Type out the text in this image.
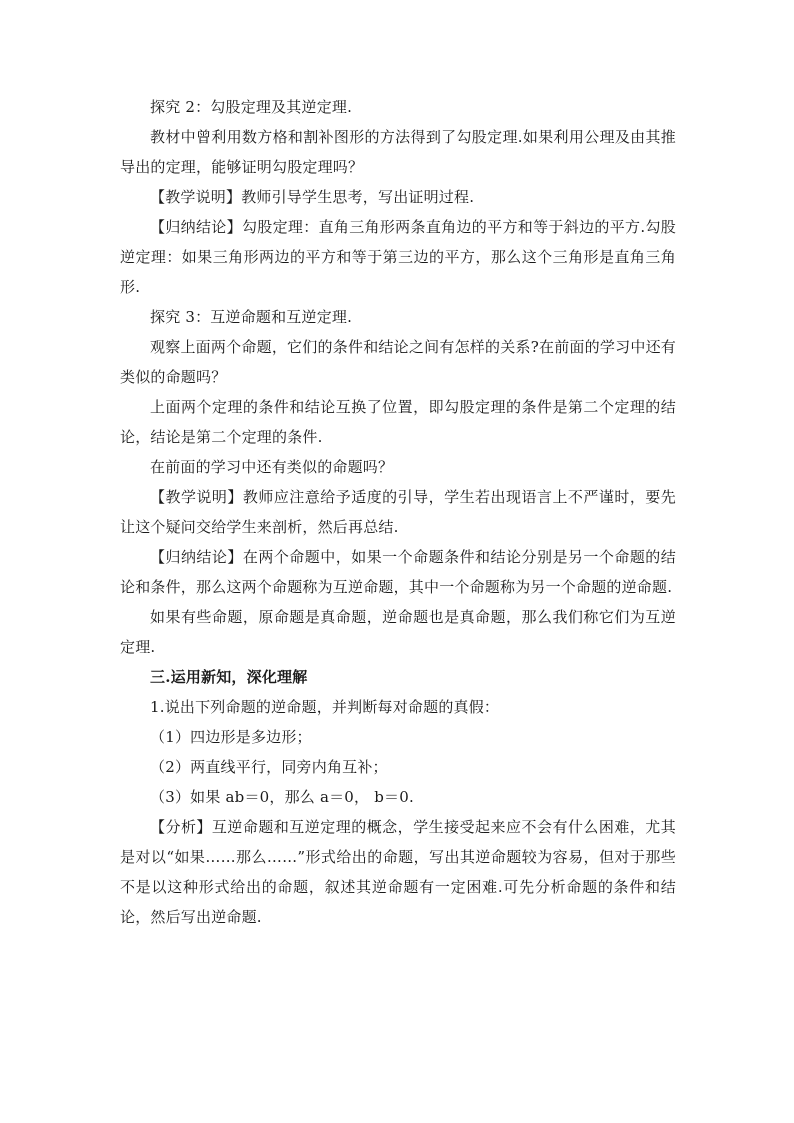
探究 2：勾股定理及其逆定理.

教材中曾利用数方格和割补图形的方法得到了勾股定理.如果利用公理及由其推导出的定理，能够证明勾股定理吗？

【教学说明】教师引导学生思考，写出证明过程.

【归纳结论】勾股定理：直角三角形两条直角边的平方和等于斜边的平方.勾股逆定理：如果三角形两边的平方和等于第三边的平方，那么这个三角形是直角三角形.

探究 3：互逆命题和互逆定理.

观察上面两个命题，它们的条件和结论之间有怎样的关系?在前面的学习中还有类似的命题吗？

上面两个定理的条件和结论互换了位置，即勾股定理的条件是第二个定理的结论，结论是第二个定理的条件.

在前面的学习中还有类似的命题吗？

【教学说明】教师应注意给予适度的引导，学生若出现语言上不严谨时，要先让这个疑问交给学生来剖析，然后再总结.

【归纳结论】在两个命题中，如果一个命题条件和结论分别是另一个命题的结论和条件，那么这两个命题称为互逆命题，其中一个命题称为另一个命题的逆命题.

如果有些命题，原命题是真命题，逆命题也是真命题，那么我们称它们为互逆定理.

三.运用新知，深化理解

1.说出下列命题的逆命题，并判断每对命题的真假：

（1）四边形是多边形；

（2）两直线平行，同旁内角互补；

（3）如果 ab＝0，那么 a＝0， b＝0.

【分析】互逆命题和互逆定理的概念，学生接受起来应不会有什么困难，尤其是对以“如果……那么……”形式给出的命题，写出其逆命题较为容易，但对于那些不是以这种形式给出的命题，叙述其逆命题有一定困难.可先分析命题的条件和结论，然后写出逆命题.
